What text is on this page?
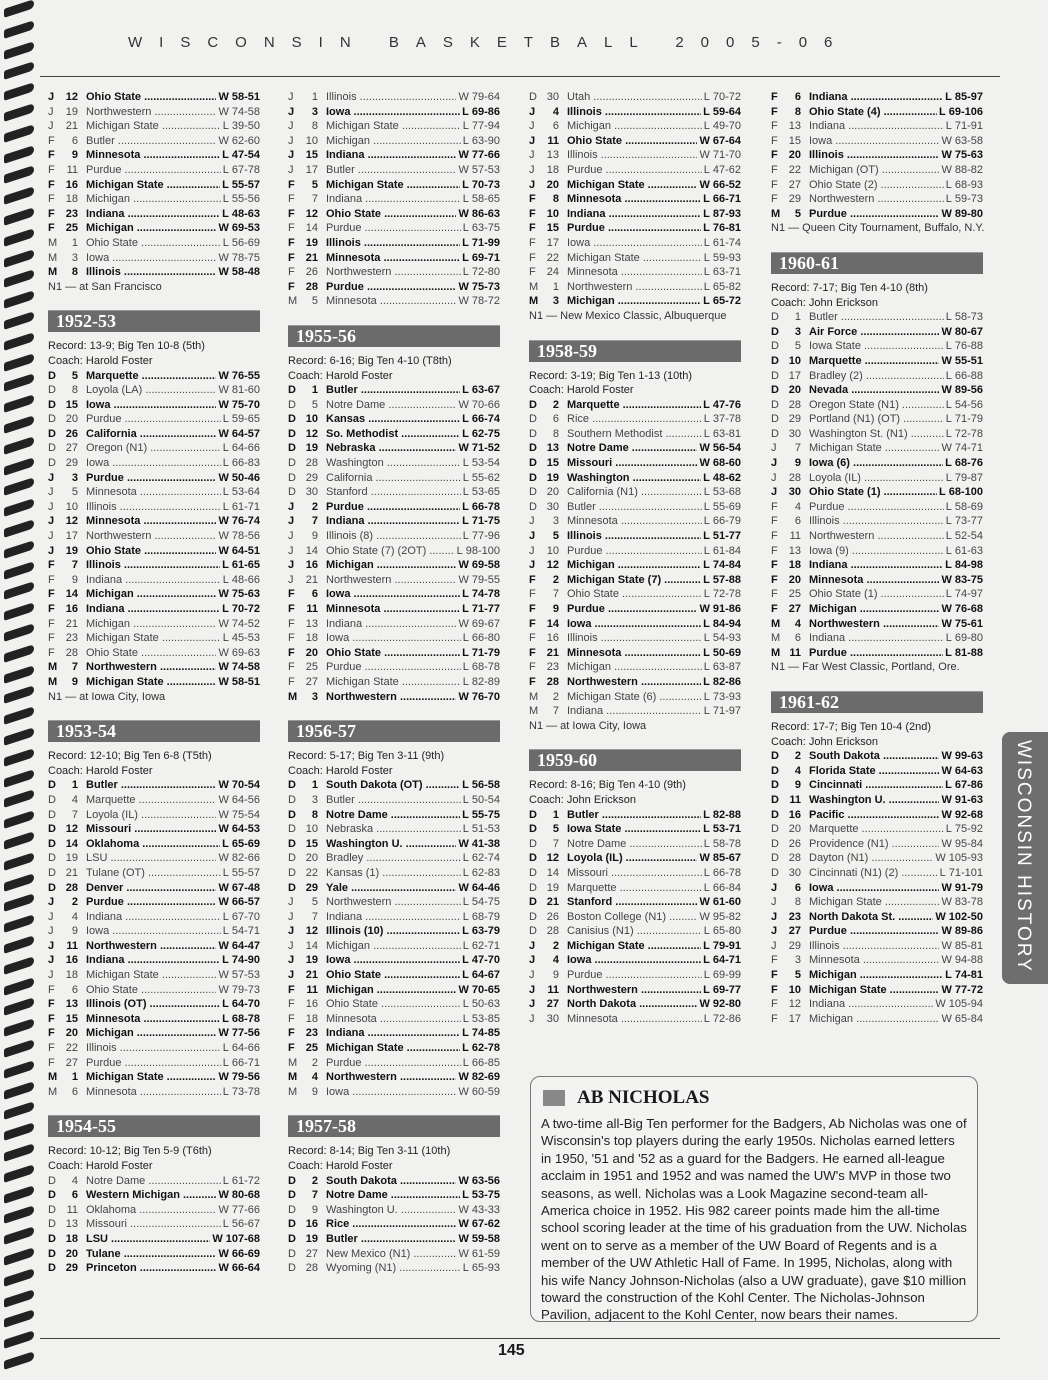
WISCONSIN BASKETBALL 2005-06
J	12 Ohio State .....	W 58-51
J	19 Northwestern .....	W 74-58
J	21 Michigan State .....	L 39-50
F	6 Butler .....	W 62-60
F	9 Minnesota .....	L 47-54
F	11 Purdue .....	L 67-78
F	16 Michigan State .....	L 55-57
F	18 Michigan .....	L 55-56
F	23 Indiana .....	L 48-63
F	25 Michigan .....	W 69-53
M	1 Ohio State .....	L 56-69
M	3 Iowa .....	W 78-75
M	8 Illinois .....	W 58-48
N1 — at San Francisco
1952-53
Record: 13-9; Big Ten 10-8 (5th)
Coach: Harold Foster
D	5 Marquette .....	W 76-55
D	8 Loyola (LA) .....	W 81-60
D 15 Iowa .....	W 75-70
D 20 Purdue .....	L 59-65
D 26 California .....	W 64-57
D 27 Oregon (N1) .....	L 64-66
D 29 Iowa .....	L 66-83
J	3 Purdue .....	W 50-46
J	5 Minnesota .....	L 53-64
J	10 Illinois .....	L 61-71
J	12 Minnesota .....	W 76-74
J	17 Northwestern .....	W 78-56
J	19 Ohio State .....	W 64-51
F	7 Illinois .....	L 61-65
F	9 Indiana .....	L 48-66
F	14 Michigan .....	W 75-63
F	16 Indiana .....	L 70-72
F	21 Michigan .....	W 74-52
F	23 Michigan State .....	L 45-53
F	28 Ohio State .....	W 69-63
M	7 Northwestern .....	W 74-58
M	9 Michigan State .....	W 58-51
N1 — at Iowa City, Iowa
1953-54
Record: 12-10; Big Ten 6-8 (T5th)
Coach: Harold Foster
D	1 Butler .....	W 70-54
D	4 Marquette .....	W 64-56
D	7 Loyola (IL) .....	W 75-54
D 12 Missouri .....	W 64-53
D 14 Oklahoma .....	L 65-69
D 19 LSU .....	W 82-66
D 21 Tulane (OT) .....	L 55-57
D 28 Denver .....	W 67-48
J	2 Purdue .....	W 66-57
J	4 Indiana .....	L 67-70
J	9 Iowa .....	L 54-71
J	11 Northwestern .....	W 64-47
J	16 Indiana .....	L 74-90
J	18 Michigan State .....	W 57-53
F	6 Ohio State .....	W 79-73
F	13 Illinois (OT) .....	L 64-70
F	15 Minnesota .....	L 68-78
F	20 Michigan .....	W 77-56
F	22 Illinois .....	L 64-66
F	27 Purdue .....	L 66-71
M	1 Michigan State .....	W 79-56
M	6 Minnesota .....	L 73-78
1954-55
Record: 10-12; Big Ten 5-9 (T6th)
Coach: Harold Foster
D	4 Notre Dame .....	L 61-72
D	6 Western Michigan .....	W 80-68
D 11 Oklahoma .....	W 77-66
D 13 Missouri .....	L 56-67
D 18 LSU .....	W 107-68
D 20 Tulane .....	W 66-69
D 29 Princeton .....	W 66-64
J	1 Illinois .....	W 79-64
J	3 Iowa .....	L 69-86
J	8 Michigan State .....	L 77-94
J	10 Michigan .....	L 63-90
J	15 Indiana .....	W 77-66
J	17 Butler .....	W 57-53
F	5 Michigan State .....	L 70-73
F	7 Indiana .....	L 58-65
F	12 Ohio State .....	W 86-63
F	14 Purdue .....	L 63-75
F	19 Illinois .....	L 71-99
F	21 Minnesota .....	L 69-71
F	26 Northwestern .....	L 72-80
F	28 Purdue .....	W 75-73
M	5 Minnesota .....	W 78-72
1955-56
Record: 6-16; Big Ten 4-10 (T8th)
Coach: Harold Foster
D	1 Butler .....	L 63-67
D	5 Notre Dame .....	W 70-66
D 10 Kansas .....	L 66-74
D 12 So. Methodist .....	L 62-75
D 19 Nebraska .....	W 71-52
D 28 Washington .....	L 53-54
D 29 California .....	L 55-62
D 30 Stanford .....	L 53-65
J	2 Purdue .....	L 66-78
J	7 Indiana .....	L 71-75
J	9 Illinois (8) .....	L 77-96
J	14 Ohio State (7) (2OT) .....	L 98-100
J	16 Michigan .....	W 69-58
J	21 Northwestern .....	W 79-55
F	6 Iowa .....	L 74-78
F	11 Minnesota .....	L 71-77
F	13 Indiana .....	W 69-67
F	18 Iowa .....	L 66-80
F	20 Ohio State .....	L 71-79
F	25 Purdue .....	L 68-78
F	27 Michigan State .....	L 82-89
M	3 Northwestern .....	W 76-70
1956-57
Record: 5-17; Big Ten 3-11 (9th)
Coach: Harold Foster
D	1 South Dakota (OT) .....	L 56-58
D	3 Butler .....	L 50-54
D	8 Notre Dame .....	L 55-75
D 10 Nebraska .....	L 51-53
D 15 Washington U. .....	W 41-38
D 20 Bradley .....	L 62-74
D 22 Kansas (1) .....	L 62-83
D 29 Yale .....	W 64-46
J	5 Northwestern .....	L 54-75
J	7 Indiana .....	L 68-79
J	12 Illinois (10) .....	L 63-79
J	14 Michigan .....	L 62-71
J	19 Iowa .....	L 47-70
J	21 Ohio State .....	L 64-67
F	11 Michigan .....	W 70-65
F	16 Ohio State .....	L 50-63
F	18 Minnesota .....	L 53-85
F	23 Indiana .....	L 74-85
F	25 Michigan State .....	L 62-78
M	2 Purdue .....	L 66-85
M	4 Northwestern .....	W 82-69
M	9 Iowa .....	W 60-59
1957-58
Record: 8-14; Big Ten 3-11 (10th)
Coach: Harold Foster
D	2 South Dakota .....	W 63-56
D	7 Notre Dame .....	L 53-75
D	9 Washington U. .....	W 43-33
D 16 Rice .....	W 67-62
D 19 Butler .....	W 59-58
D 27 New Mexico (N1) .....	W 61-59
D 28 Wyoming (N1) .....	L 65-93
D 30 Utah .....	L 70-72
J	4 Illinois .....	L 59-64
J	6 Michigan .....	L 49-70
J	11 Ohio State .....	W 67-64
J	13 Illinois .....	W 71-70
J	18 Purdue .....	L 47-62
J	20 Michigan State .....	W 66-52
F	8 Minnesota .....	L 66-71
F	10 Indiana .....	L 87-93
F	15 Purdue .....	L 76-81
F	17 Iowa .....	L 61-74
F	22 Michigan State .....	L 59-93
F	24 Minnesota .....	L 63-71
M	1 Northwestern .....	L 65-82
M	3 Michigan .....	L 65-72
N1 — New Mexico Classic, Albuquerque
1958-59
Record: 3-19; Big Ten 1-13 (10th)
Coach: Harold Foster
D	2 Marquette .....	L 47-76
D	6 Rice .....	L 37-78
D	8 Southern Methodist .....	L 63-81
D 13 Notre Dame .....	W 56-54
D 15 Missouri .....	W 68-60
D 19 Washington .....	L 48-62
D 20 California (N1) .....	L 53-68
D 30 Butler .....	L 55-69
J	3 Minnesota .....	L 66-79
J	5 Illinois .....	L 51-77
J	10 Purdue .....	L 61-84
J	12 Michigan .....	L 74-84
F	2 Michigan State (7) .....	L 57-88
F	7 Ohio State .....	L 72-78
F	9 Purdue .....	W 91-86
F	14 Iowa .....	L 84-94
F	16 Illinois .....	L 54-93
F	21 Minnesota .....	L 50-69
F	23 Michigan .....	L 63-87
F	28 Northwestern .....	L 82-86
M	2 Michigan State (6) .....	L 73-93
M	7 Indiana .....	L 71-97
N1 — at Iowa City, Iowa
1959-60
Record: 8-16; Big Ten 4-10 (9th)
Coach: John Erickson
D	1 Butler .....	L 82-88
D	5 Iowa State .....	L 53-71
D	7 Notre Dame .....	L 58-78
D 12 Loyola (IL) .....	W 85-67
D 14 Missouri .....	L 66-78
D 19 Marquette .....	L 66-84
D 21 Stanford .....	W 61-60
D 26 Boston College (N1) .....	W 95-82
D 28 Canisius (N1) .....	L 65-80
J	2 Michigan State .....	L 79-91
J	4 Iowa .....	L 64-71
J	9 Purdue .....	L 69-99
J	11 Northwestern .....	L 69-77
J	27 North Dakota .....	W 92-80
J	30 Minnesota .....	L 72-86
F	6 Indiana .....	L 85-97
F	8 Ohio State (4) .....	L 69-106
F	13 Indiana .....	L 71-91
F	15 Iowa .....	W 63-58
F	20 Illinois .....	W 75-63
F	22 Michigan (OT) .....	W 88-82
F	27 Ohio State (2) .....	L 68-93
F	29 Northwestern .....	L 59-73
M	5 Purdue .....	W 89-80
N1 — Queen City Tournament, Buffalo, N.Y.
1960-61
Record: 7-17; Big Ten 4-10 (8th)
Coach: John Erickson
D	1 Butler .....	L 58-73
D	3 Air Force .....	W 80-67
D	5 Iowa State .....	L 76-88
D 10 Marquette .....	W 55-51
D 17 Bradley (2) .....	L 66-88
D 20 Nevada .....	W 89-56
D 28 Oregon State (N1) .....	L 54-56
D 29 Portland (N1) (OT) .....	L 71-79
D 30 Washington St. (N1) .....	L 72-78
J	7 Michigan State .....	W 74-71
J	9 Iowa (6) .....	L 68-76
J	28 Loyola (IL) .....	L 79-87
J	30 Ohio State (1) .....	L 68-100
F	4 Purdue .....	L 58-69
F	6 Illinois .....	L 73-77
F	11 Northwestern .....	L 52-54
F	13 Iowa (9) .....	L 61-63
F	18 Indiana .....	L 84-98
F	20 Minnesota .....	W 83-75
F	25 Ohio State (1) .....	L 74-97
F	27 Michigan .....	W 76-68
M	4 Northwestern .....	W 75-61
M	6 Indiana .....	L 69-80
M 11 Purdue .....	L 81-88
N1 — Far West Classic, Portland, Ore.
1961-62
Record: 17-7; Big Ten 10-4 (2nd)
Coach: John Erickson
D	2 South Dakota .....	W 99-63
D	4 Florida State .....	W 64-63
D	9 Cincinnati .....	L 67-86
D 11 Washington U. .....	W 91-63
D 16 Pacific .....	W 92-68
D 20 Marquette .....	L 75-92
D 26 Providence (N1) .....	W 95-84
D 28 Dayton (N1) .....	W 105-93
D 30 Cincinnati (N1) (2) .....	L 71-101
J	6 Iowa .....	W 91-79
J	8 Michigan State .....	W 83-78
J	23 North Dakota St. .....	W 102-50
J	27 Purdue .....	W 89-86
J	29 Illinois .....	W 85-81
F	3 Minnesota .....	W 94-88
F	5 Michigan .....	L 74-81
F	10 Michigan State .....	W 77-72
F	12 Indiana .....	W 105-94
F	17 Michigan .....	W 65-84
WISCONSIN HISTORY
AB NICHOLAS

A two-time all-Big Ten performer for the Badgers, Ab Nicholas was one of Wisconsin's top players during the early 1950s. Nicholas earned letters in 1950, '51 and '52 as a guard for the Badgers. He earned all-league acclaim in 1951 and 1952 and was named the UW's MVP in those two seasons, as well. Nicholas was a Look Magazine second-team all-America choice in 1952. His 982 career points made him the all-time school scoring leader at the time of his graduation from the UW. Nicholas went on to serve as a member of the UW Board of Regents and is a member of the UW Athletic Hall of Fame. In 1995, Nicholas, along with his wife Nancy Johnson-Nicholas (also a UW graduate), gave $10 million toward the construction of the Kohl Center. The Nicholas-Johnson Pavilion, adjacent to the Kohl Center, now bears their names.

145
